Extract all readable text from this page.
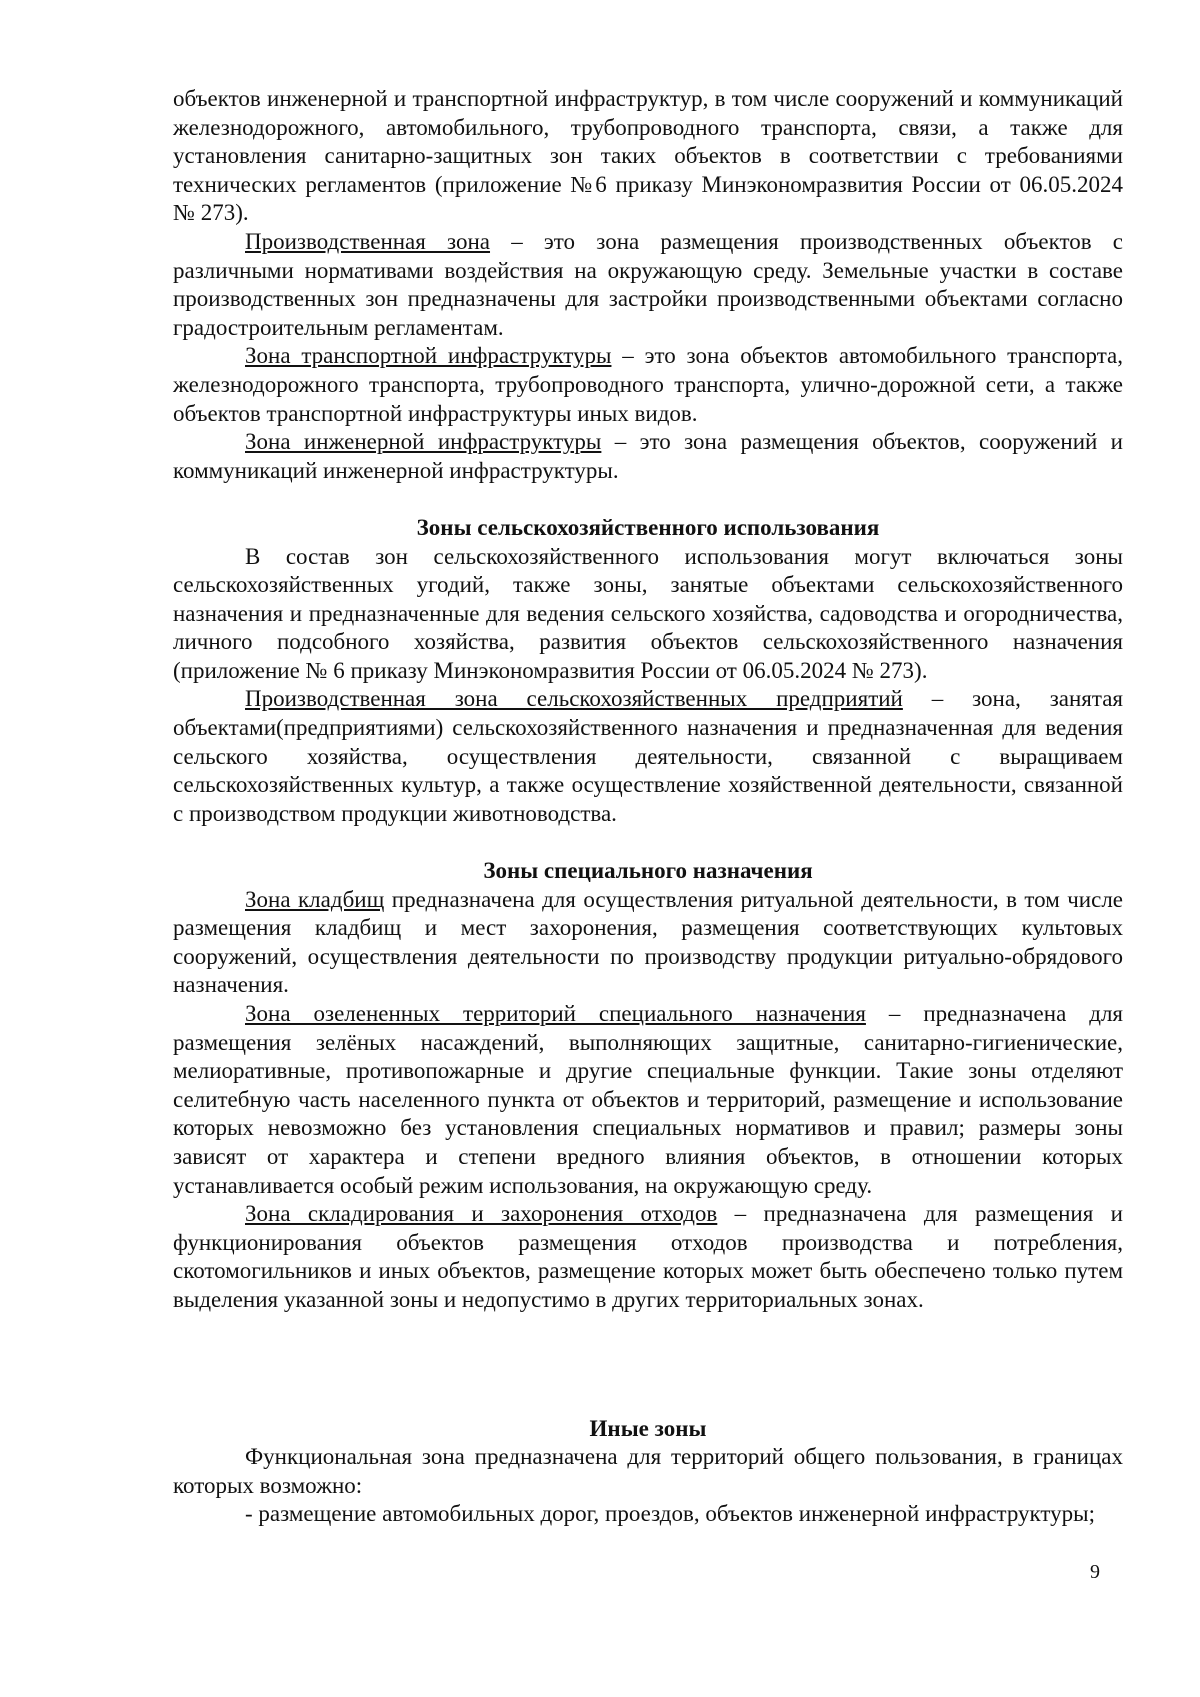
объектов инженерной и транспортной инфраструктур, в том числе сооружений и коммуникаций железнодорожного, автомобильного, трубопроводного транспорта, связи, а также для установления санитарно-защитных зон таких объектов в соответствии с требованиями технических регламентов (приложение №6 приказу Минэкономразвития России от 06.05.2024 № 273).

Производственная зона – это зона размещения производственных объектов с различными нормативами воздействия на окружающую среду. Земельные участки в составе производственных зон предназначены для застройки производственными объектами согласно градостроительным регламентам.

Зона транспортной инфраструктуры – это зона объектов автомобильного транспорта, железнодорожного транспорта, трубопроводного транспорта, улично-дорожной сети, а также объектов транспортной инфраструктуры иных видов.

Зона инженерной инфраструктуры – это зона размещения объектов, сооружений и коммуникаций инженерной инфраструктуры.

Зоны сельскохозяйственного использования

В состав зон сельскохозяйственного использования могут включаться зоны сельскохозяйственных угодий, также зоны, занятые объектами сельскохозяйственного назначения и предназначенные для ведения сельского хозяйства, садоводства и огородничества, личного подсобного хозяйства, развития объектов сельскохозяйственного назначения (приложение № 6 приказу Минэкономразвития России от 06.05.2024 № 273).

Производственная зона сельскохозяйственных предприятий – зона, занятая объектами(предприятиями) сельскохозяйственного назначения и предназначенная для ведения сельского хозяйства, осуществления деятельности, связанной с выращиваем сельскохозяйственных культур, а также осуществление хозяйственной деятельности, связанной с производством продукции животноводства.

Зоны специального назначения

Зона кладбищ предназначена для осуществления ритуальной деятельности, в том числе размещения кладбищ и мест захоронения, размещения соответствующих культовых сооружений, осуществления деятельности по производству продукции ритуально-обрядового назначения.

Зона озелененных территорий специального назначения – предназначена для размещения зелёных насаждений, выполняющих защитные, санитарно-гигиенические, мелиоративные, противопожарные и другие специальные функции. Такие зоны отделяют селитебную часть населенного пункта от объектов и территорий, размещение и использование которых невозможно без установления специальных нормативов и правил; размеры зоны зависят от характера и степени вредного влияния объектов, в отношении которых устанавливается особый режим использования, на окружающую среду.

Зона складирования и захоронения отходов – предназначена для размещения и функционирования объектов размещения отходов производства и потребления, скотомогильников и иных объектов, размещение которых может быть обеспечено только путем выделения указанной зоны и недопустимо в других территориальных зонах.

Иные зоны

Функциональная зона предназначена для территорий общего пользования, в границах которых возможно:

- размещение автомобильных дорог, проездов, объектов инженерной инфраструктуры;

9
